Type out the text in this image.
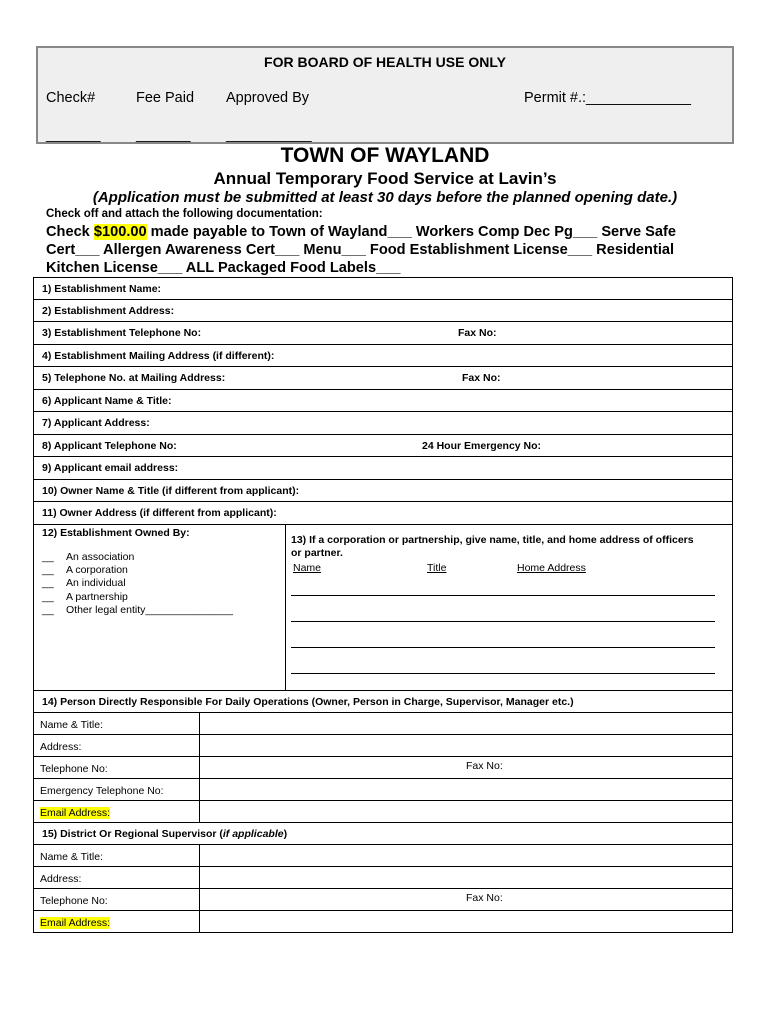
FOR BOARD OF HEALTH USE ONLY
Check#	Fee Paid Approved By	Permit #.:_____________
_______	_______	___________
TOWN OF WAYLAND
Annual Temporary Food Service at Lavin’s
(Application must be submitted at least 30 days before the planned opening date.)
Check off and attach the following documentation:
Check $100.00 made payable to Town of Wayland___ Workers Comp Dec Pg___ Serve Safe Cert___ Allergen Awareness Cert___ Menu___ Food Establishment License___ Residential Kitchen License___ ALL Packaged Food Labels___
1) Establishment Name:
2) Establishment Address:
3) Establishment Telephone No:	Fax No:
4) Establishment Mailing Address (if different):
5) Telephone No. at Mailing Address:	Fax No:
6) Applicant Name & Title:
7) Applicant Address:
8) Applicant Telephone No:	24 Hour Emergency No:
9) Applicant email address:
10) Owner Name & Title (if different from applicant):
11) Owner Address (if different from applicant):
12) Establishment Owned By:
__ An association
__ A corporation
__ An individual
__ A partnership
__ Other legal entity_______________
13) If a corporation or partnership, give name, title, and home address of officers or partner.
Name	Title	Home Address
14) Person Directly Responsible For Daily Operations (Owner, Person in Charge, Supervisor, Manager etc.)
Name & Title:
Address:
Telephone No:	Fax No:
Emergency Telephone No:
Email Address:
15) District Or Regional Supervisor (if applicable)
Name & Title:
Address:
Telephone No:	Fax No:
Email Address:
